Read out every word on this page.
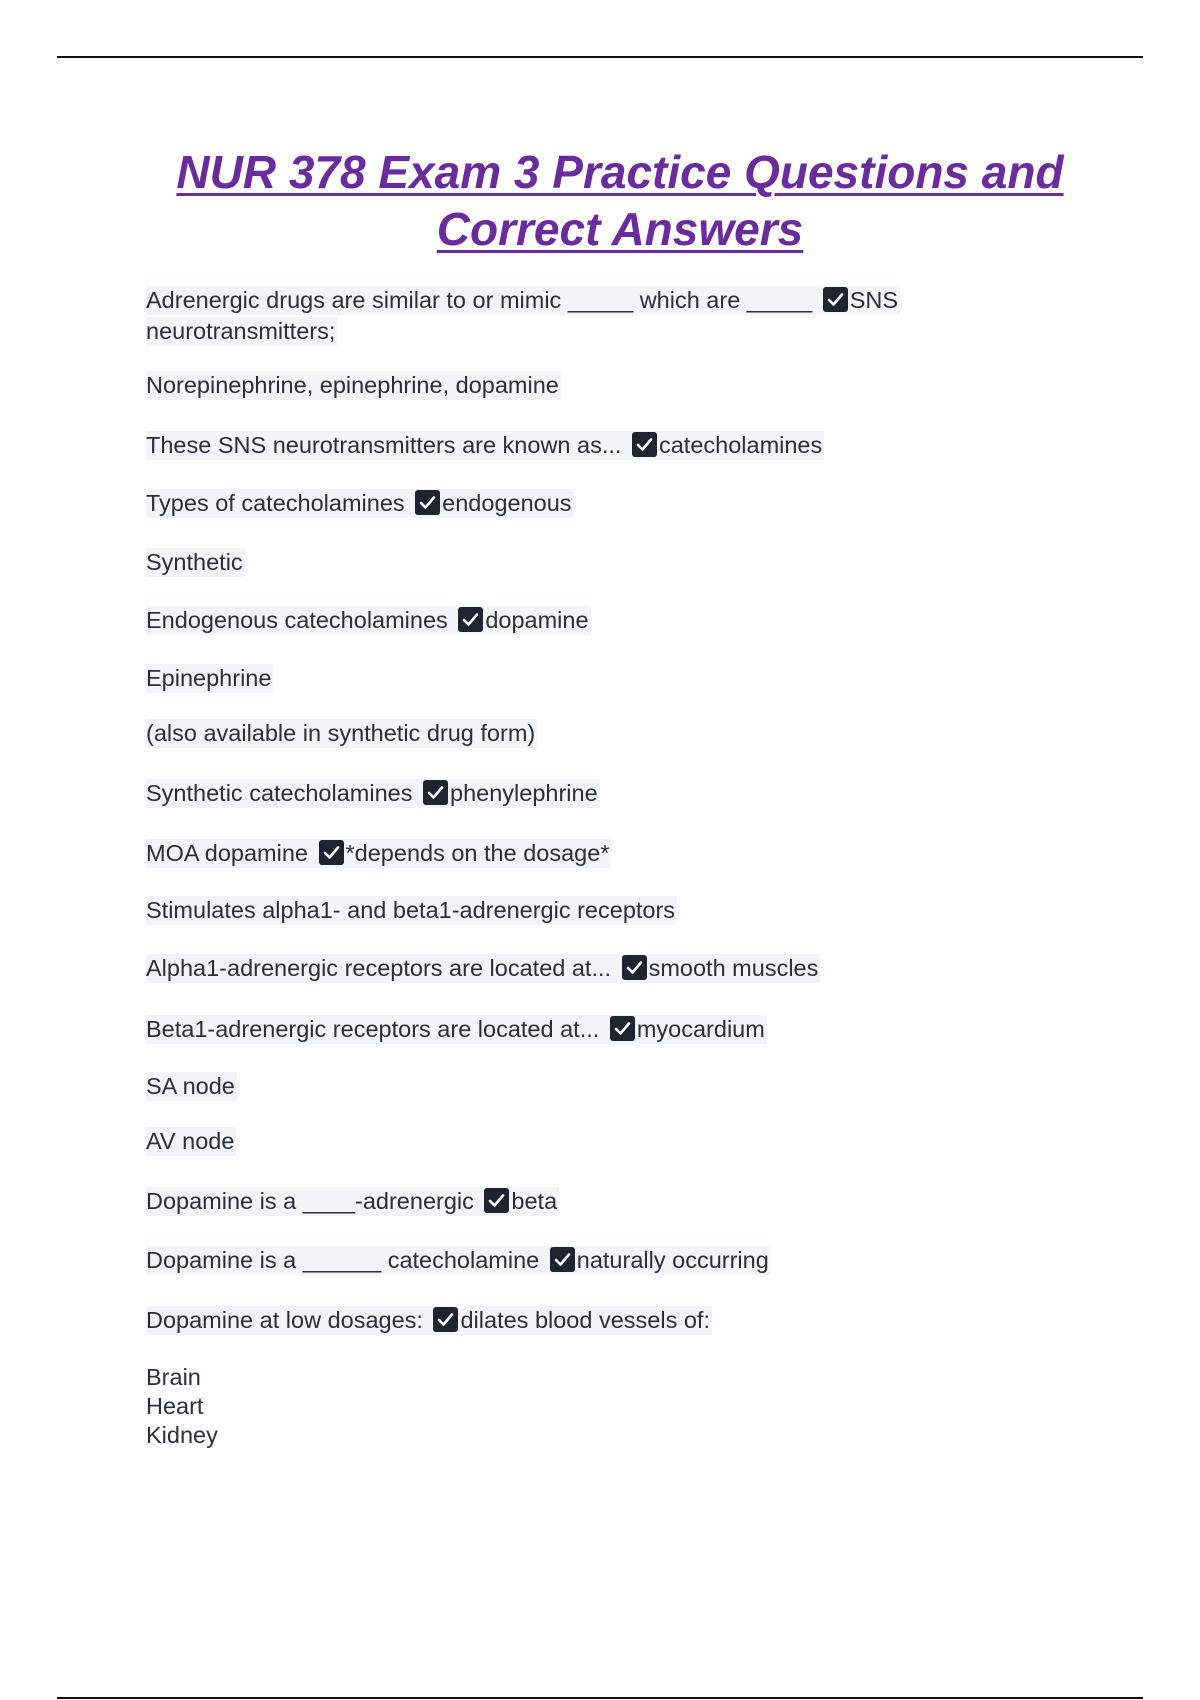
NUR 378 Exam 3 Practice Questions and
Correct Answers
Adrenergic drugs are similar to or mimic _____ which are _____ SNS
neurotransmitters;
Norepinephrine, epinephrine, dopamine
These SNS neurotransmitters are known as... catecholamines
Types of catecholamines endogenous
Synthetic
Endogenous catecholamines dopamine
Epinephrine
(also available in synthetic drug form)
Synthetic catecholamines phenylephrine
MOA dopamine *depends on the dosage*
Stimulates alpha1- and beta1-adrenergic receptors
Alpha1-adrenergic receptors are located at... smooth muscles
Beta1-adrenergic receptors are located at... myocardium
SA node
AV node
Dopamine is a ____-adrenergic beta
Dopamine is a ______ catecholamine naturally occurring
Dopamine at low dosages: dilates blood vessels of:
Brain
Heart
Kidney
